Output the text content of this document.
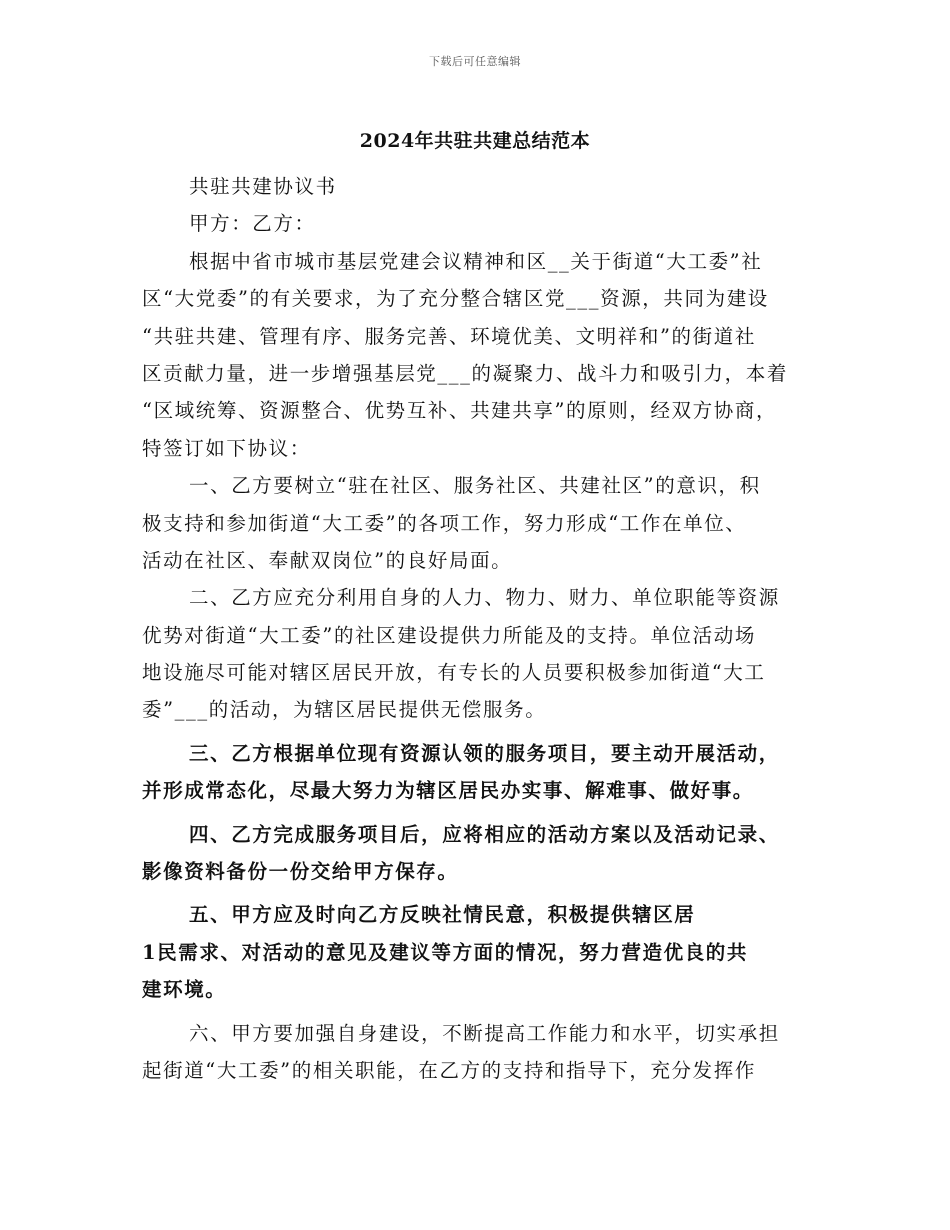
下载后可任意编辑
2024年共驻共建总结范本
共驻共建协议书
甲方：乙方：
根据中省市城市基层党建会议精神和区__关于街道“大工委”社
区“大党委”的有关要求，为了充分整合辖区党___资源，共同为建设
“共驻共建、管理有序、服务完善、环境优美、文明祥和”的街道社
区贡献力量，进一步增强基层党___的凝聚力、战斗力和吸引力，本着
“区域统筹、资源整合、优势互补、共建共享”的原则，经双方协商，
特签订如下协议：
一、乙方要树立“驻在社区、服务社区、共建社区”的意识，积
极支持和参加街道“大工委”的各项工作，努力形成“工作在单位、
活动在社区、奉献双岗位”的良好局面。
二、乙方应充分利用自身的人力、物力、财力、单位职能等资源
优势对街道“大工委”的社区建设提供力所能及的支持。单位活动场
地设施尽可能对辖区居民开放，有专长的人员要积极参加街道“大工
委”___的活动，为辖区居民提供无偿服务。
三、乙方根据单位现有资源认领的服务项目，要主动开展活动，
并形成常态化，尽最大努力为辖区居民办实事、解难事、做好事。
四、乙方完成服务项目后，应将相应的活动方案以及活动记录、
影像资料备份一份交给甲方保存。
五、甲方应及时向乙方反映社情民意，积极提供辖区居
1民需求、对活动的意见及建议等方面的情况，努力营造优良的共
建环境。
六、甲方要加强自身建设，不断提高工作能力和水平，切实承担
起街道“大工委”的相关职能，在乙方的支持和指导下，充分发挥作
